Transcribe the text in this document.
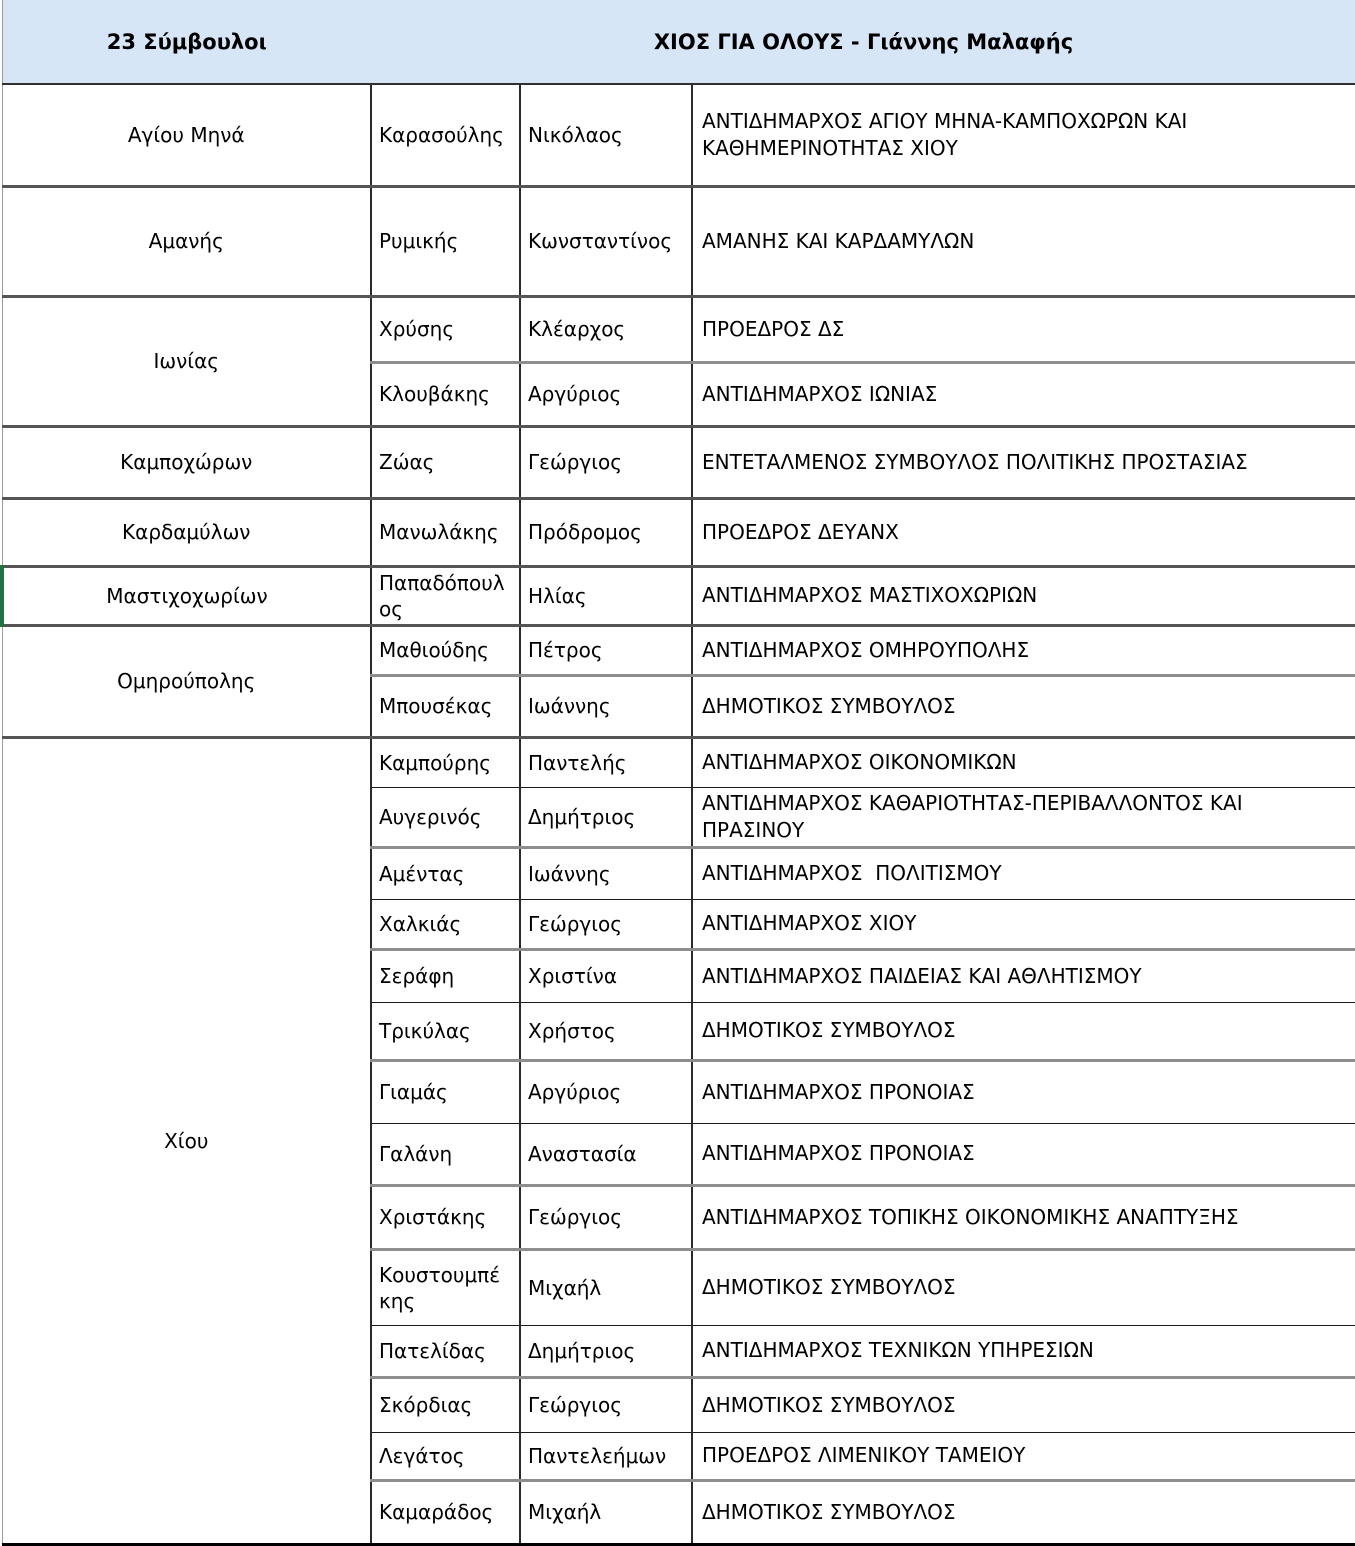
23 Σύμβουλοι	ΧΙΟΣ ΓΙΑ ΟΛΟΥΣ - Γιάννης Μαλαφής		
Αγίου Μηνά	Καρασούλης	Νικόλαος	ΑΝΤΙΔΗΜΑΡΧΟΣ ΑΓΙΟΥ ΜΗΝΑ-ΚΑΜΠΟΧΩΡΩΝ ΚΑΙ ΚΑΘΗΜΕΡΙΝΟΤΗΤΑΣ ΧΙΟΥ
Αμανής	Ρυμικής	Κωνσταντίνος	ΑΜΑΝΗΣ ΚΑΙ ΚΑΡΔΑΜΥΛΩΝ
Ιωνίας	Χρύσης	Κλέαρχος	ΠΡΟΕΔΡΟΣ ΔΣ
	Κλουβάκης	Αργύριος	ΑΝΤΙΔΗΜΑΡΧΟΣ ΙΩΝΙΑΣ
Καμποχώρων	Ζώας	Γεώργιος	ΕΝΤΕΤΑΛΜΕΝΟΣ ΣΥΜΒΟΥΛΟΣ ΠΟΛΙΤΙΚΗΣ ΠΡΟΣΤΑΣΙΑΣ
Καρδαμύλων	Μανωλάκης	Πρόδρομος	ΠΡΟΕΔΡΟΣ ΔΕΥΑΝΧ
Μαστιχοχωρίων	Παπαδόπουλος	Ηλίας	ΑΝΤΙΔΗΜΑΡΧΟΣ ΜΑΣΤΙΧΟΧΩΡΙΩΝ
Ομηρούπολης	Μαθιούδης	Πέτρος	ΑΝΤΙΔΗΜΑΡΧΟΣ ΟΜΗΡΟΥΠΟΛΗΣ
	Μπουσέκας	Ιωάννης	ΔΗΜΟΤΙΚΟΣ ΣΥΜΒΟΥΛΟΣ
Χίου	Καμπούρης	Παντελής	ΑΝΤΙΔΗΜΑΡΧΟΣ ΟΙΚΟΝΟΜΙΚΩΝ
	Αυγερινός	Δημήτριος	ΑΝΤΙΔΗΜΑΡΧΟΣ ΚΑΘΑΡΙΟΤΗΤΑΣ-ΠΕΡΙΒΑΛΛΟΝΤΟΣ ΚΑΙ ΠΡΑΣΙΝΟΥ
	Αμέντας	Ιωάννης	ΑΝΤΙΔΗΜΑΡΧΟΣ  ΠΟΛΙΤΙΣΜΟΥ
	Χαλκιάς	Γεώργιος	ΑΝΤΙΔΗΜΑΡΧΟΣ ΧΙΟΥ
	Σεράφη	Χριστίνα	ΑΝΤΙΔΗΜΑΡΧΟΣ ΠΑΙΔΕΙΑΣ ΚΑΙ ΑΘΛΗΤΙΣΜΟΥ
	Τρικύλας	Χρήστος	ΔΗΜΟΤΙΚΟΣ ΣΥΜΒΟΥΛΟΣ
	Γιαμάς	Αργύριος	ΑΝΤΙΔΗΜΑΡΧΟΣ ΠΡΟΝΟΙΑΣ
	Γαλάνη	Αναστασία	ΑΝΤΙΔΗΜΑΡΧΟΣ ΠΡΟΝΟΙΑΣ
	Χριστάκης	Γεώργιος	ΑΝΤΙΔΗΜΑΡΧΟΣ ΤΟΠΙΚΗΣ ΟΙΚΟΝΟΜΙΚΗΣ ΑΝΑΠΤΥΞΗΣ
	Κουστουμπέκης	Μιχαήλ	ΔΗΜΟΤΙΚΟΣ ΣΥΜΒΟΥΛΟΣ
	Πατελίδας	Δημήτριος	ΑΝΤΙΔΗΜΑΡΧΟΣ ΤΕΧΝΙΚΩΝ ΥΠΗΡΕΣΙΩΝ
	Σκόρδιας	Γεώργιος	ΔΗΜΟΤΙΚΟΣ ΣΥΜΒΟΥΛΟΣ
	Λεγάτος	Παντελεήμων	ΠΡΟΕΔΡΟΣ ΛΙΜΕΝΙΚΟΥ ΤΑΜΕΙΟΥ
	Καμαράδος	Μιχαήλ	ΔΗΜΟΤΙΚΟΣ ΣΥΜΒΟΥΛΟΣ
